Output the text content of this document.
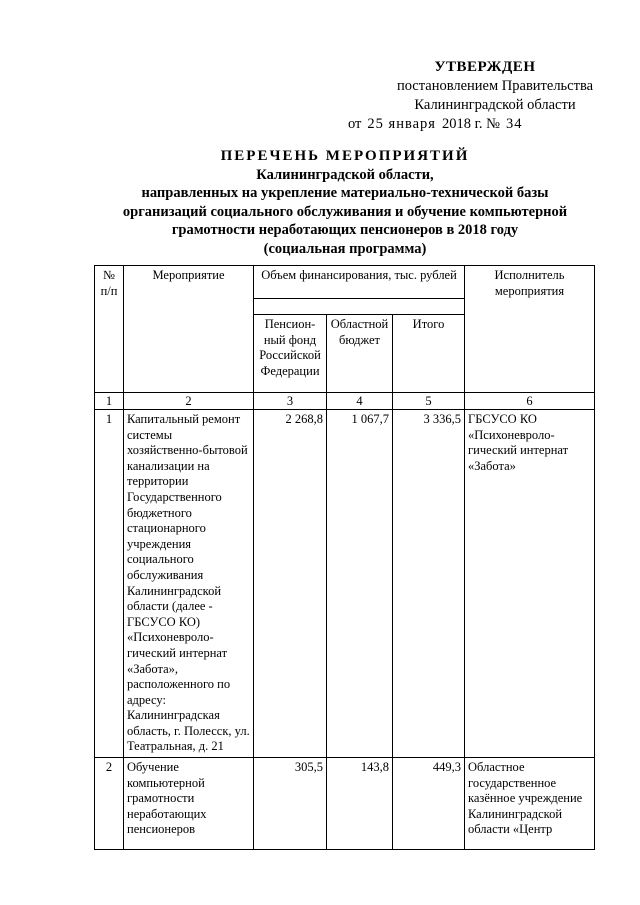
УТВЕРЖДЕН
постановлением Правительства
Калининградской области
от 25 января 2018 г. № 34
ПЕРЕЧЕНЬ МЕРОПРИЯТИЙ
Калининградской области,
направленных на укрепление материально-технической базы
организаций социального обслуживания и обучение компьютерной
грамотности неработающих пенсионеров в 2018 году
(социальная программа)
№ п/п	Мероприятие	Объем финансирования, тыс. рублей			Исполнитель мероприятия

		Пенсион-ный фонд Российской Федерации	Областной бюджет	Итого	
1	2	3	4	5	6
1	Капитальный ремонт системы хозяйственно-бытовой канализации на территории Государственного бюджетного стационарного учреждения социального обслуживания Калининградской области (далее - ГБСУСО КО) «Психоневроло-гический интернат «Забота», расположенного по адресу: Калининградская область, г. Полесск, ул. Театральная, д. 21	2 268,8	1 067,7	3 336,5	ГБСУСО КО «Психоневроло-гический интернат «Забота»
2	Обучение компьютерной грамотности неработающих пенсионеров	305,5	143,8	449,3	Областное государственное казённое учреждение Калининградской области «Центр
